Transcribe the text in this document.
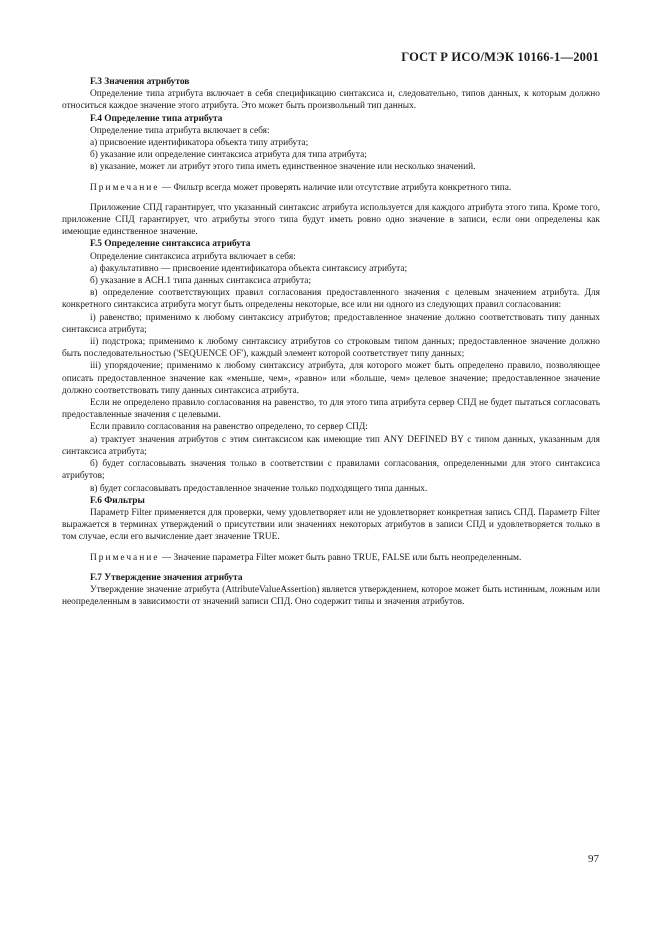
ГОСТ Р ИСО/МЭК 10166-1—2001

F.3 Значения атрибутов

Определение типа атрибута включает в себя спецификацию синтаксиса и, следовательно, типов данных, к которым должно относиться каждое значение этого атрибута. Это может быть произвольный тип данных.

F.4 Определение типа атрибута

Определение типа атрибута включает в себя:

а) присвоение идентификатора объекта типу атрибута;

б) указание или определение синтаксиса атрибута для типа атрибута;

в) указание, может ли атрибут этого типа иметь единственное значение или несколько значений.

Примечание — Фильтр всегда может проверять наличие или отсутствие атрибута конкретного типа.

Приложение СПД гарантирует, что указанный синтаксис атрибута используется для каждого атрибута этого типа. Кроме того, приложение СПД гарантирует, что атрибуты этого типа будут иметь ровно одно значение в записи, если они определены как имеющие единственное значение.

F.5 Определение синтаксиса атрибута

Определение синтаксиса атрибута включает в себя:

а) факультативно — присвоение идентификатора объекта синтаксису атрибута;

б) указание в АСН.1 типа данных синтаксиса атрибута;

в) определение соответствующих правил согласования предоставленного значения с целевым значением атрибута. Для конкретного синтаксиса атрибута могут быть определены некоторые, все или ни одного из следующих правил согласования:

i) равенство; применимо к любому синтаксису атрибутов; предоставленное значение должно соответствовать типу данных синтаксиса атрибута;

ii) подстрока; применимо к любому синтаксису атрибутов со строковым типом данных; предоставленное значение должно быть последовательностью ('SEQUENCE OF'), каждый элемент которой соответствует типу данных;

iii) упорядочение; применимо к любому синтаксису атрибута, для которого может быть определено правило, позволяющее описать предоставленное значение как «меньше, чем», «равно» или «больше, чем» целевое значение; предоставленное значение должно соответствовать типу данных синтаксиса атрибута.

Если не определено правило согласования на равенство, то для этого типа атрибута сервер СПД не будет пытаться согласовать предоставленные значения с целевыми.

Если правило согласования на равенство определено, то сервер СПД:

а) трактует значения атрибутов с этим синтаксисом как имеющие тип ANY DEFINED BY с типом данных, указанным для синтаксиса атрибута;

б) будет согласовывать значения только в соответствии с правилами согласования, определенными для этого синтаксиса атрибутов;

в) будет согласовывать предоставленное значение только подходящего типа данных.

F.6 Фильтры

Параметр Filter применяется для проверки, чему удовлетворяет или не удовлетворяет конкретная запись СПД. Параметр Filter выражается в терминах утверждений о присутствии или значениях некоторых атрибутов в записи СПД и удовлетворяется только в том случае, если его вычисление дает значение TRUE.

Примечание — Значение параметра Filter может быть равно TRUE, FALSE или быть неопределенным.

F.7 Утверждение значения атрибута

Утверждение значение атрибута (AttributeValueAssertion) является утверждением, которое может быть истинным, ложным или неопределенным в зависимости от значений записи СПД. Оно содержит типы и значения атрибутов.

97
